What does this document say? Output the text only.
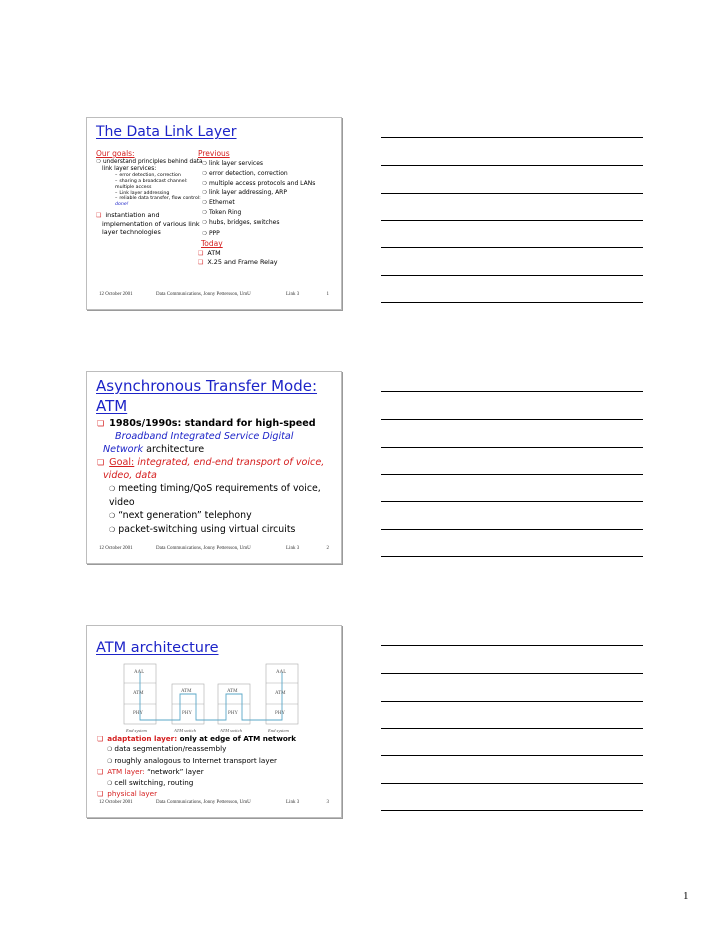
The Data Link Layer
Our goals:
❍ understand principles behind data link layer services:
– error detection, correction
– sharing a broadcast channel: multiple access
– Link layer addressing
– reliable data transfer, flow control: done!
❏ instantiation and implementation of various link layer technologies
Previous
❍ link layer services
❍ error detection, correction
❍ multiple access protocols and LANs
❍ link layer addressing, ARP
❍ Ethernet
❍ Token Ring
❍ hubs, bridges, switches
❍ PPP
Today
❏ ATM
❏ X.25 and Frame Relay
12 October 2001	Data Communications, Jonny Pettersson, UmU	Link 3	1
Asynchronous Transfer Mode: ATM
❏ 1980s/1990s: standard for high-speed
Broadband Integrated Service Digital Network architecture
❏ Goal: integrated, end-end transport of voice, video, data
❍ meeting timing/QoS requirements of voice, video
❍ “next generation” telephony
❍ packet-switching using virtual circuits
12 October 2001	Data Communications, Jonny Pettersson, UmU	Link 3	2
ATM architecture
AAL	AAL
ATM	ATM	ATM	ATM
PHY	PHY	PHY	PHY
End system	ATM switch	ATM switch	End system
❏ adaptation layer: only at edge of ATM network
❍ data segmentation/reassembly
❍ roughly analogous to Internet transport layer
❏ ATM layer: “network” layer
❍ cell switching, routing
❏ physical layer
12 October 2001	Data Communications, Jonny Pettersson, UmU	Link 3	3
1
